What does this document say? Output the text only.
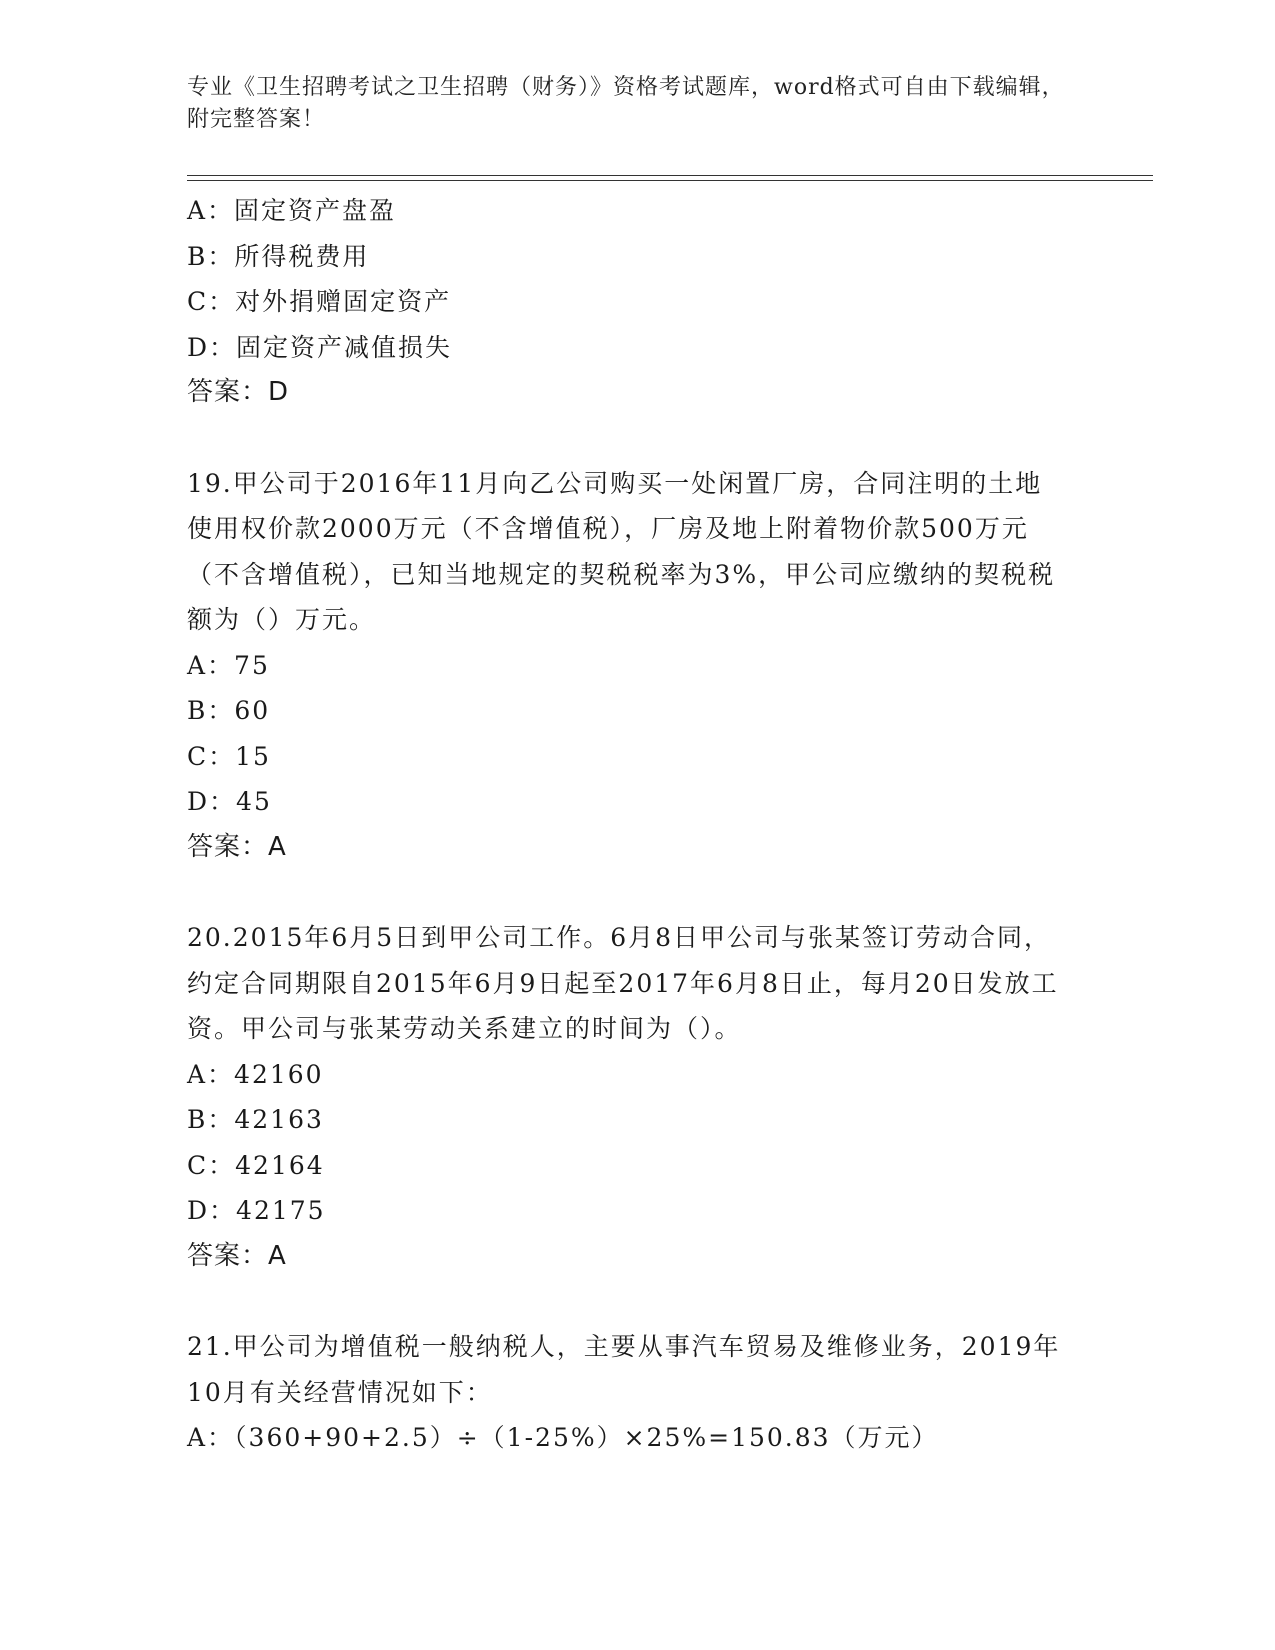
专业《卫生招聘考试之卫生招聘（财务）》资格考试题库，word格式可自由下载编辑，附完整答案！
A：固定资产盘盈
B：所得税费用
C：对外捐赠固定资产
D：固定资产减值损失
答案：D
19.甲公司于2016年11月向乙公司购买一处闲置厂房，合同注明的土地使用权价款2000万元（不含增值税），厂房及地上附着物价款500万元（不含增值税），已知当地规定的契税税率为3%，甲公司应缴纳的契税税额为（）万元。
A：75
B：60
C：15
D：45
答案：A
20.2015年6月5日到甲公司工作。6月8日甲公司与张某签订劳动合同，约定合同期限自2015年6月9日起至2017年6月8日止，每月20日发放工资。甲公司与张某劳动关系建立的时间为（）。
A：42160
B：42163
C：42164
D：42175
答案：A
21.甲公司为增值税一般纳税人，主要从事汽车贸易及维修业务，2019年10月有关经营情况如下：
A：（360+90+2.5）÷（1-25%）×25%=150.83（万元）
